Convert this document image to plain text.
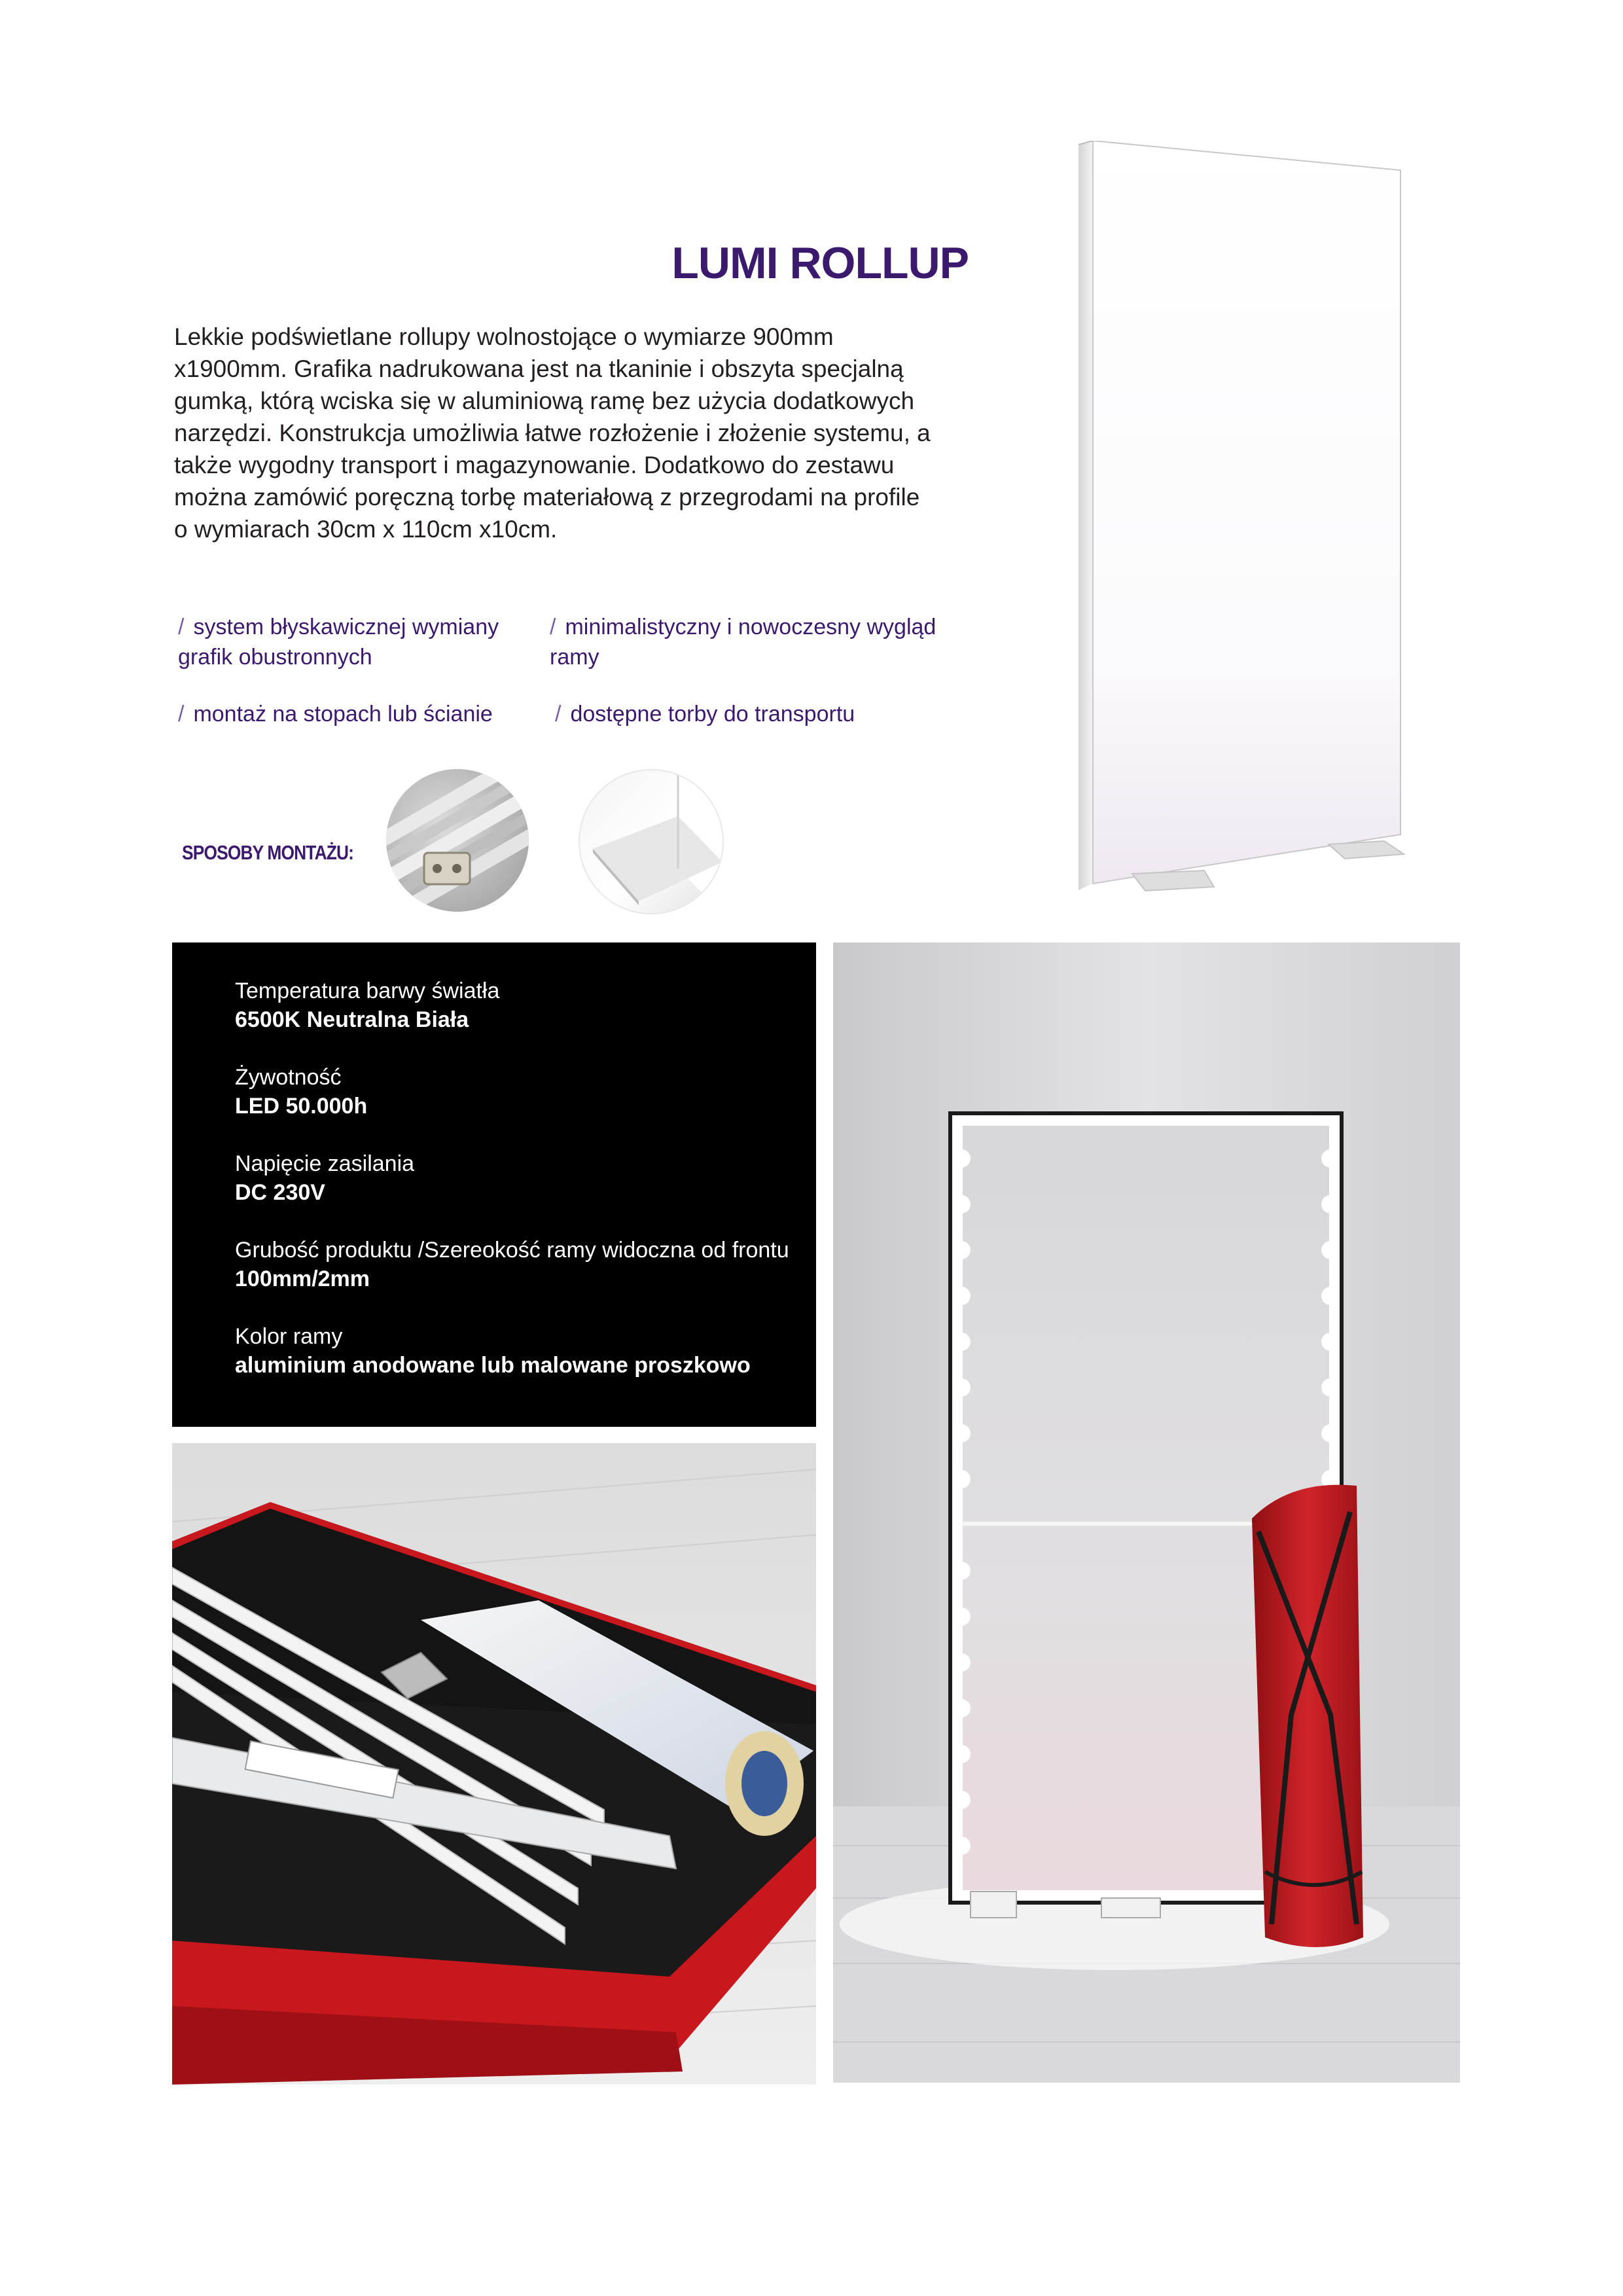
LUMI ROLLUP
Lekkie podświetlane rollupy wolnostojące o wymiarze 900mm
x1900mm. Grafika nadrukowana jest na tkaninie i obszyta specjalną
gumką, którą wciska się w aluminiową ramę bez użycia dodatkowych
narzędzi. Konstrukcja umożliwia łatwe rozłożenie i złożenie systemu, a
także wygodny transport i magazynowanie. Dodatkowo do zestawu
można zamówić poręczną torbę materiałową z przegrodami na profile
o wymiarach 30cm x 110cm x10cm.
/ system błyskawicznej wymiany grafik obustronnych
/ minimalistyczny i nowoczesny wygląd ramy
/ montaż na stopach lub ścianie	/ dostępne torby do transportu
SPOSOBY MONTAŻU:
Temperatura barwy światła
6500K Neutralna Biała
Żywotność
LED 50.000h
Napięcie zasilania
DC 230V
Grubość produktu /Szereokość ramy widoczna od frontu
100mm/2mm
Kolor ramy
aluminium anodowane lub malowane proszkowo
